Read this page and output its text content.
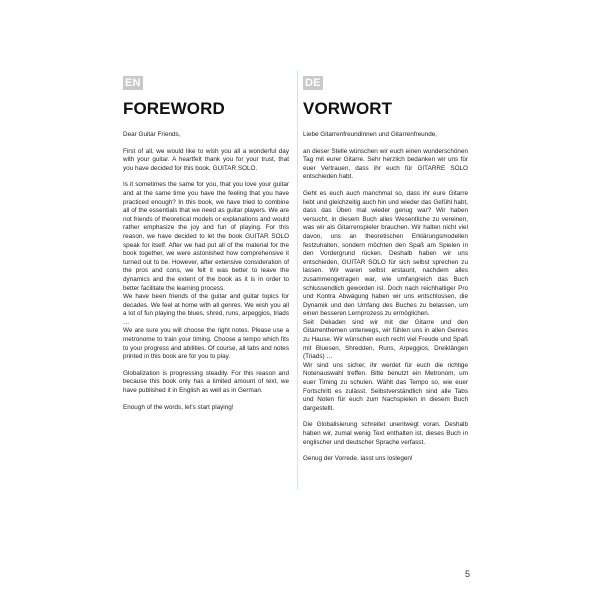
EN
FOREWORD

Dear Guitar Friends,

First of all, we would like to wish you all a wonderful day with your guitar. A heartfelt thank you for your trust, that you have decided for this book, GUITAR SOLO.

Is it sometimes the same for you, that you love your guitar and at the same time you have the feeling that you have practiced enough? In this book, we have tried to combine all of the essentials that we need as guitar players. We are not friends of theoretical models or explanations and would rather emphasize the joy and fun of playing. For this reason, we have decided to let the book GUITAR SOLO speak for itself. After we had put all of the material for the book together, we were astonished how comprehensive it turned out to be. However, after extensive consideration of the pros and cons, we felt it was better to leave the dynamics and the extent of the book as it is in order to better facilitate the learning process.
We have been friends of the guitar and guitar topics for decades. We feel at home with all genres. We wish you all a lot of fun playing the blues, shred, runs, arpeggios, triads …
We are sure you will choose the right notes. Please use a metronome to train your timing. Choose a tempo which fits to your progress and abilities. Of course, all tabs and notes printed in this book are for you to play.

Globalization is progressing steadily. For this reason and because this book only has a limited amount of text, we have published it in English as well as in German.

Enough of the words, let's start playing!

DE
VORWORT

Liebe Gitarrenfreundinnen und Gitarrenfreunde,

an dieser Stelle wünschen wir euch einen wunderschönen Tag mit eurer Gitarre. Sehr herzlich bedanken wir uns für euer Vertrauen, dass ihr euch für GITARRE SOLO entschieden habt.

Geht es euch auch manchmal so, dass ihr eure Gitarre liebt und gleichzeitig auch hin und wieder das Gefühl habt, dass das Üben mal wieder genug war? Wir haben versucht, in diesem Buch alles Wesentliche zu vereinen, was wir als Gitarrenspieler brauchen. Wir halten nicht viel davon, uns an theoretischen Erklärungsmodellen festzuhalten, sondern möchten den Spaß am Spielen in den Vordergrund rücken. Deshalb haben wir uns entschieden, GUITAR SOLO für sich selbst sprechen zu lassen. Wir waren selbst erstaunt, nachdem alles zusammengetragen war, wie umfangreich das Buch schlussendlich geworden ist. Doch nach reichhaltiger Pro und Kontra Abwägung haben wir uns entschlossen, die Dynamik und den Umfang des Buches zu belassen, um einen besseren Lernprozess zu ermöglichen.
Seit Dekaden sind wir mit der Gitarre und den Gitarrenthemen unterwegs, wir fühlen uns in allen Genres zu Hause. Wir wünschen euch recht viel Freude und Spaß mit Bluesen, Shredden, Runs, Arpeggios, Dreiklängen (Triads) …
Wir sind uns sicher, ihr werdet für euch die richtige Notenauswahl treffen. Bitte benutzt ein Metronom, um euer Timing zu schulen. Wählt das Tempo so, wie euer Fortschritt es zulässt. Selbstverständlich sind alle Tabs und Noten für euch zum Nachspielen in diesem Buch dargestellt.

Die Globalisierung schreitet unentwegt voran. Deshalb haben wir, zumal wenig Text enthalten ist, dieses Buch in englischer und deutscher Sprache verfasst.

Genug der Vorrede, lasst uns loslegen!

5
